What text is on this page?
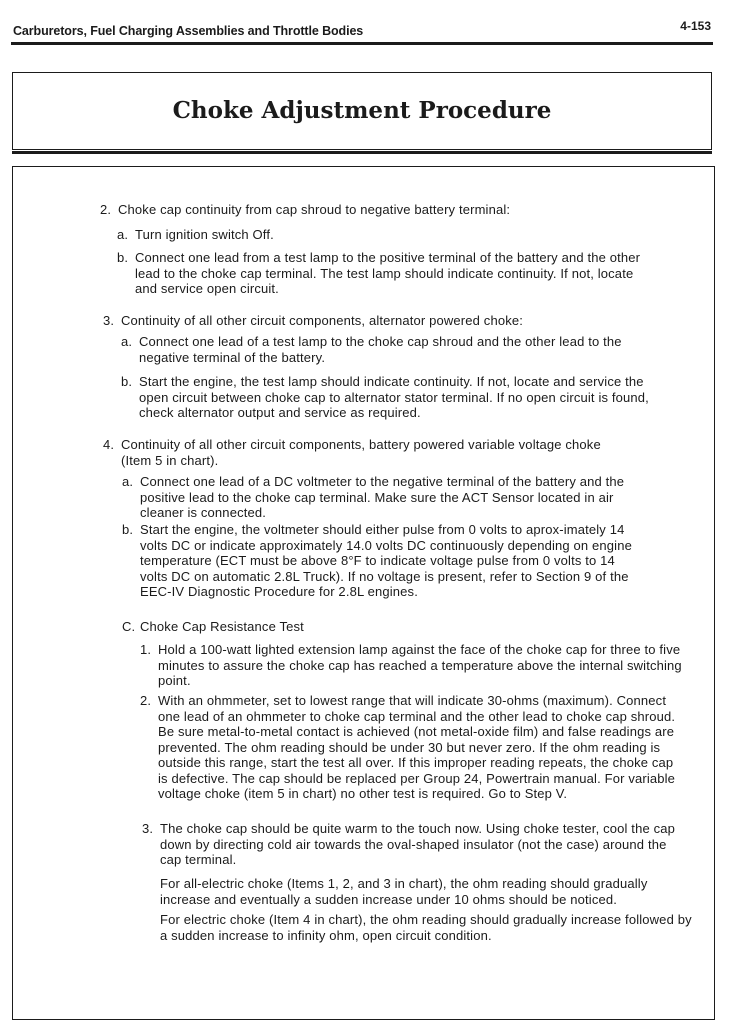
Carburetors, Fuel Charging Assemblies and Throttle Bodies	4-153
Choke Adjustment Procedure
2. Choke cap continuity from cap shroud to negative battery terminal:
a. Turn ignition switch Off.
b. Connect one lead from a test lamp to the positive terminal of the battery and the other lead to the choke cap terminal. The test lamp should indicate continuity. If not, locate and service open circuit.
3. Continuity of all other circuit components, alternator powered choke:
a. Connect one lead of a test lamp to the choke cap shroud and the other lead to the negative terminal of the battery.
b. Start the engine, the test lamp should indicate continuity. If not, locate and service the open circuit between choke cap to alternator stator terminal. If no open circuit is found, check alternator output and service as required.
4. Continuity of all other circuit components, battery powered variable voltage choke (Item 5 in chart).
a. Connect one lead of a DC voltmeter to the negative terminal of the battery and the positive lead to the choke cap terminal. Make sure the ACT Sensor located in air cleaner is connected.
b. Start the engine, the voltmeter should either pulse from 0 volts to aprox-imately 14 volts DC or indicate approximately 14.0 volts DC continuously depending on engine temperature (ECT must be above 8°F to indicate voltage pulse from 0 volts to 14 volts DC on automatic 2.8L Truck). If no voltage is present, refer to Section 9 of the EEC-IV Diagnostic Procedure for 2.8L engines.
C. Choke Cap Resistance Test
1. Hold a 100-watt lighted extension lamp against the face of the choke cap for three to five minutes to assure the choke cap has reached a temperature above the internal switching point.
2. With an ohmmeter, set to lowest range that will indicate 30-ohms (maximum). Connect one lead of an ohmmeter to choke cap terminal and the other lead to choke cap shroud. Be sure metal-to-metal contact is achieved (not metal-oxide film) and false readings are prevented. The ohm reading should be under 30 but never zero. If the ohm reading is outside this range, start the test all over. If this improper reading repeats, the choke cap is defective. The cap should be replaced per Group 24, Powertrain manual. For variable voltage choke (item 5 in chart) no other test is required. Go to Step V.
3. The choke cap should be quite warm to the touch now. Using choke tester, cool the cap down by directing cold air towards the oval-shaped insulator (not the case) around the cap terminal.
For all-electric choke (Items 1, 2, and 3 in chart), the ohm reading should gradually increase and eventually a sudden increase under 10 ohms should be noticed.
For electric choke (Item 4 in chart), the ohm reading should gradually increase followed by a sudden increase to infinity ohm, open circuit condition.
